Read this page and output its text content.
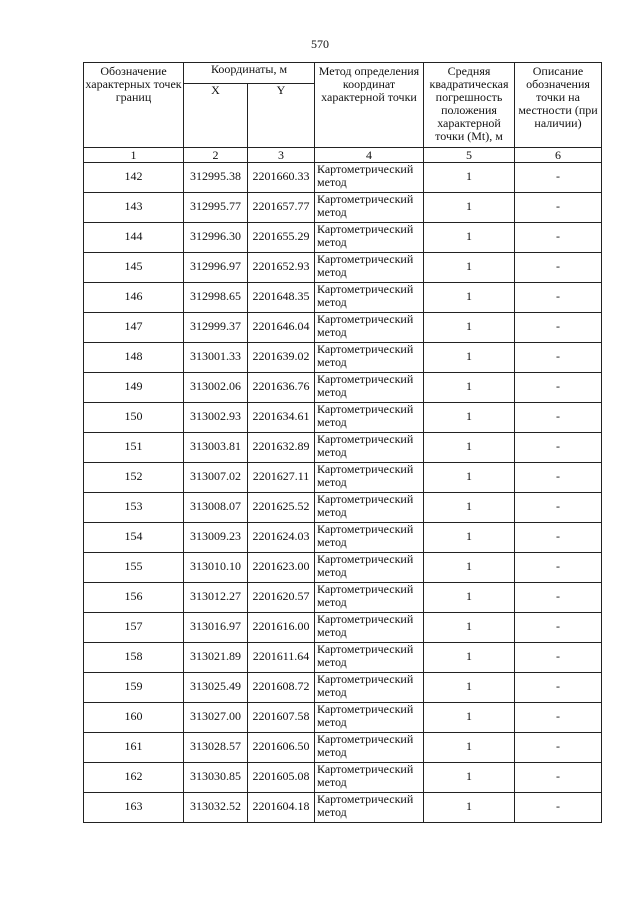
570
Обозначение характерных точек границ	Координаты, м		Метод определения координат характерной точки	Средняя квадратическая погрешность положения характерной точки (Mt), м	Описание обозначения точки на местности (при наличии)
	X	Y			
1	2	3	4	5	6
142	312995.38	2201660.33	Картометрический метод	1	-
143	312995.77	2201657.77	Картометрический метод	1	-
144	312996.30	2201655.29	Картометрический метод	1	-
145	312996.97	2201652.93	Картометрический метод	1	-
146	312998.65	2201648.35	Картометрический метод	1	-
147	312999.37	2201646.04	Картометрический метод	1	-
148	313001.33	2201639.02	Картометрический метод	1	-
149	313002.06	2201636.76	Картометрический метод	1	-
150	313002.93	2201634.61	Картометрический метод	1	-
151	313003.81	2201632.89	Картометрический метод	1	-
152	313007.02	2201627.11	Картометрический метод	1	-
153	313008.07	2201625.52	Картометрический метод	1	-
154	313009.23	2201624.03	Картометрический метод	1	-
155	313010.10	2201623.00	Картометрический метод	1	-
156	313012.27	2201620.57	Картометрический метод	1	-
157	313016.97	2201616.00	Картометрический метод	1	-
158	313021.89	2201611.64	Картометрический метод	1	-
159	313025.49	2201608.72	Картометрический метод	1	-
160	313027.00	2201607.58	Картометрический метод	1	-
161	313028.57	2201606.50	Картометрический метод	1	-
162	313030.85	2201605.08	Картометрический метод	1	-
163	313032.52	2201604.18	Картометрический метод	1	-
